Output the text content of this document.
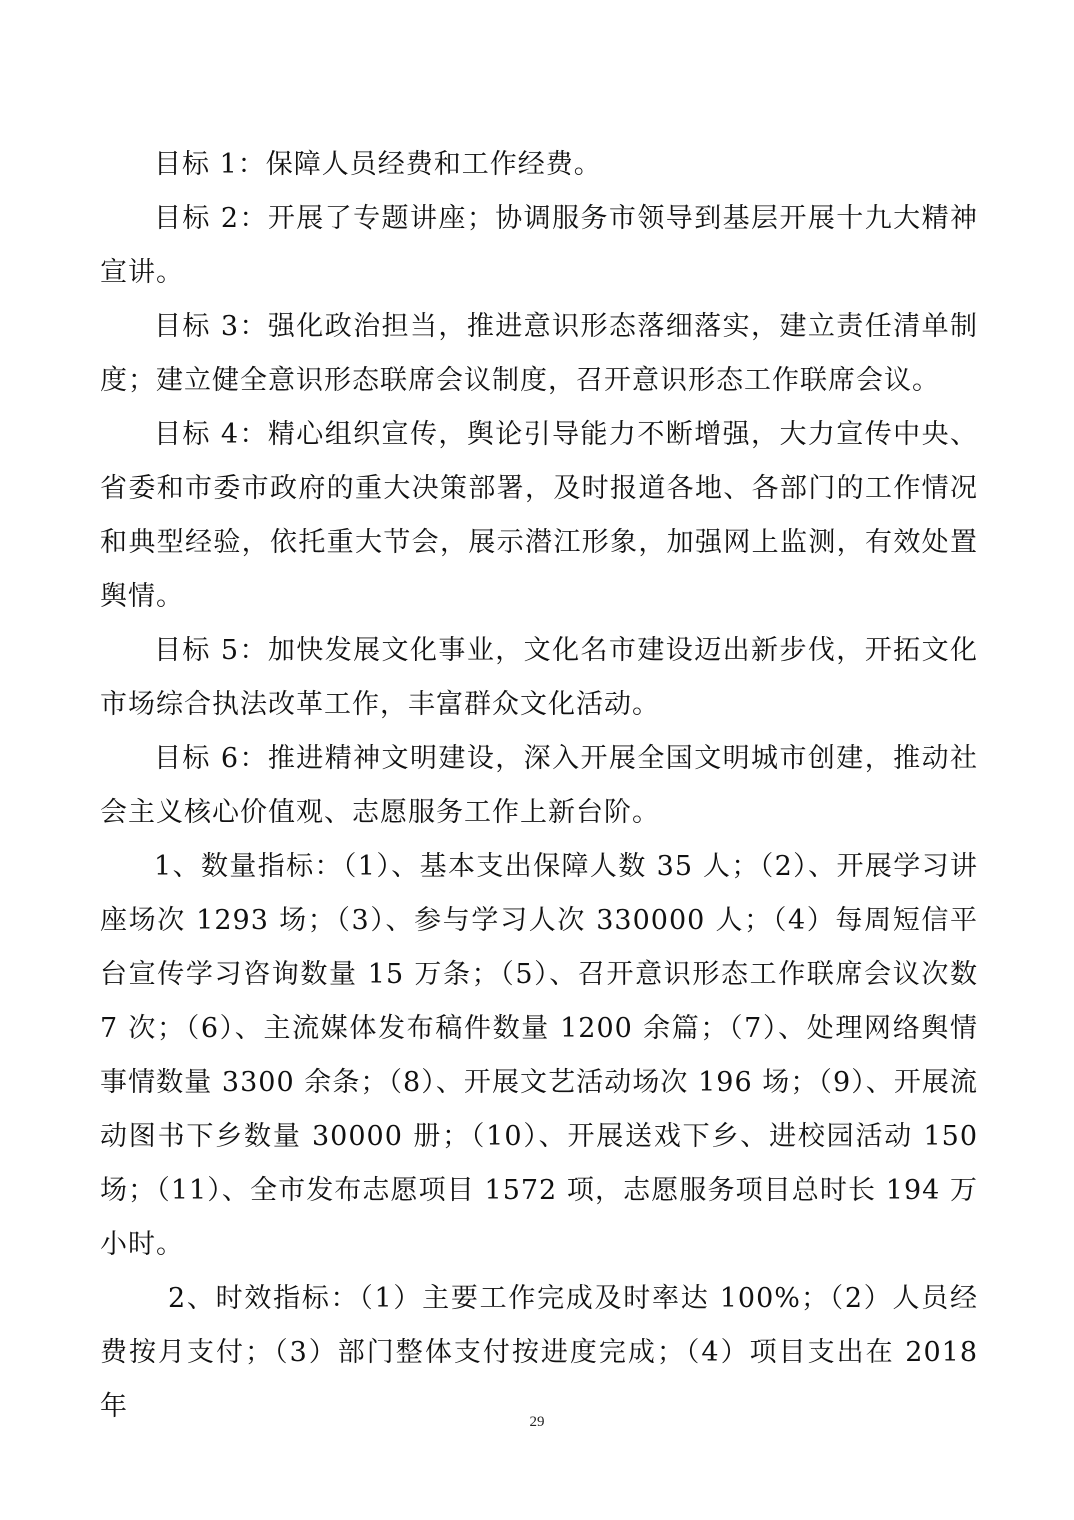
目标 1：保障人员经费和工作经费。

目标 2：开展了专题讲座；协调服务市领导到基层开展十九大精神宣讲。

目标 3：强化政治担当，推进意识形态落细落实，建立责任清单制度；建立健全意识形态联席会议制度，召开意识形态工作联席会议。

目标 4：精心组织宣传，舆论引导能力不断增强，大力宣传中央、省委和市委市政府的重大决策部署，及时报道各地、各部门的工作情况和典型经验，依托重大节会，展示潜江形象，加强网上监测，有效处置舆情。

目标 5：加快发展文化事业，文化名市建设迈出新步伐，开拓文化市场综合执法改革工作，丰富群众文化活动。

目标 6：推进精神文明建设，深入开展全国文明城市创建，推动社会主义核心价值观、志愿服务工作上新台阶。

1、数量指标：（1）、基本支出保障人数 35 人；（2）、开展学习讲座场次 1293 场；（3）、参与学习人次 330000 人；（4）每周短信平台宣传学习咨询数量 15 万条；（5）、召开意识形态工作联席会议次数 7 次；（6）、主流媒体发布稿件数量 1200 余篇；（7）、处理网络舆情事情数量 3300 余条；（8）、开展文艺活动场次 196 场；（9）、开展流动图书下乡数量 30000 册；（10）、开展送戏下乡、进校园活动 150 场；（11）、全市发布志愿项目 1572 项，志愿服务项目总时长 194 万小时。

2、时效指标：（1）主要工作完成及时率达 100%；（2）人员经费按月支付；（3）部门整体支付按进度完成；（4）项目支出在 2018 年	29
